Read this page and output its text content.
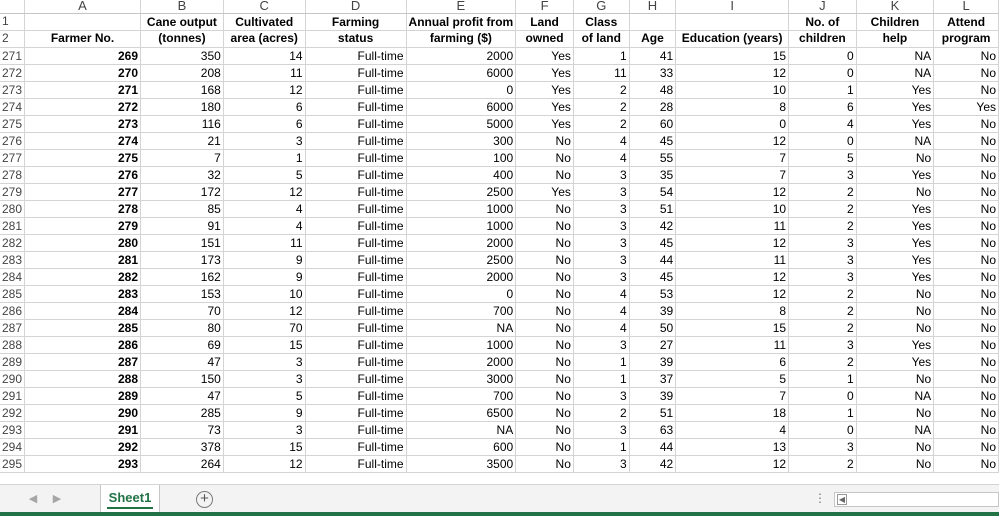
	A	B	C	D	E	F	G	H	I	J	K	L
1		Cane output	Cultivated	Farming	Annual profit from	Land	Class			No. of	Children	Attend
2	Farmer No.	(tonnes)	area (acres)	status	farming ($)	owned	of land	Age	Education (years)	children	help	program
271	269	350	14	Full-time	2000	Yes	1	41	15	0	NA	No
272	270	208	11	Full-time	6000	Yes	11	33	12	0	NA	No
273	271	168	12	Full-time	0	Yes	2	48	10	1	Yes	No
274	272	180	6	Full-time	6000	Yes	2	28	8	6	Yes	Yes
275	273	116	6	Full-time	5000	Yes	2	60	0	4	Yes	No
276	274	21	3	Full-time	300	No	4	45	12	0	NA	No
277	275	7	1	Full-time	100	No	4	55	7	5	No	No
278	276	32	5	Full-time	400	No	3	35	7	3	Yes	No
279	277	172	12	Full-time	2500	Yes	3	54	12	2	No	No
280	278	85	4	Full-time	1000	No	3	51	10	2	Yes	No
281	279	91	4	Full-time	1000	No	3	42	11	2	Yes	No
282	280	151	11	Full-time	2000	No	3	45	12	3	Yes	No
283	281	173	9	Full-time	2500	No	3	44	11	3	Yes	No
284	282	162	9	Full-time	2000	No	3	45	12	3	Yes	No
285	283	153	10	Full-time	0	No	4	53	12	2	No	No
286	284	70	12	Full-time	700	No	4	39	8	2	No	No
287	285	80	70	Full-time	NA	No	4	50	15	2	No	No
288	286	69	15	Full-time	1000	No	3	27	11	3	Yes	No
289	287	47	3	Full-time	2000	No	1	39	6	2	Yes	No
290	288	150	3	Full-time	3000	No	1	37	5	1	No	No
291	289	47	5	Full-time	700	No	3	39	7	0	NA	No
292	290	285	9	Full-time	6500	No	2	51	18	1	No	No
293	291	73	3	Full-time	NA	No	3	63	4	0	NA	No
294	292	378	15	Full-time	600	No	1	44	13	3	No	No
295	293	264	12	Full-time	3500	No	3	42	12	2	No	No
◀ ▶	Sheet1	+	⋮ ◀
